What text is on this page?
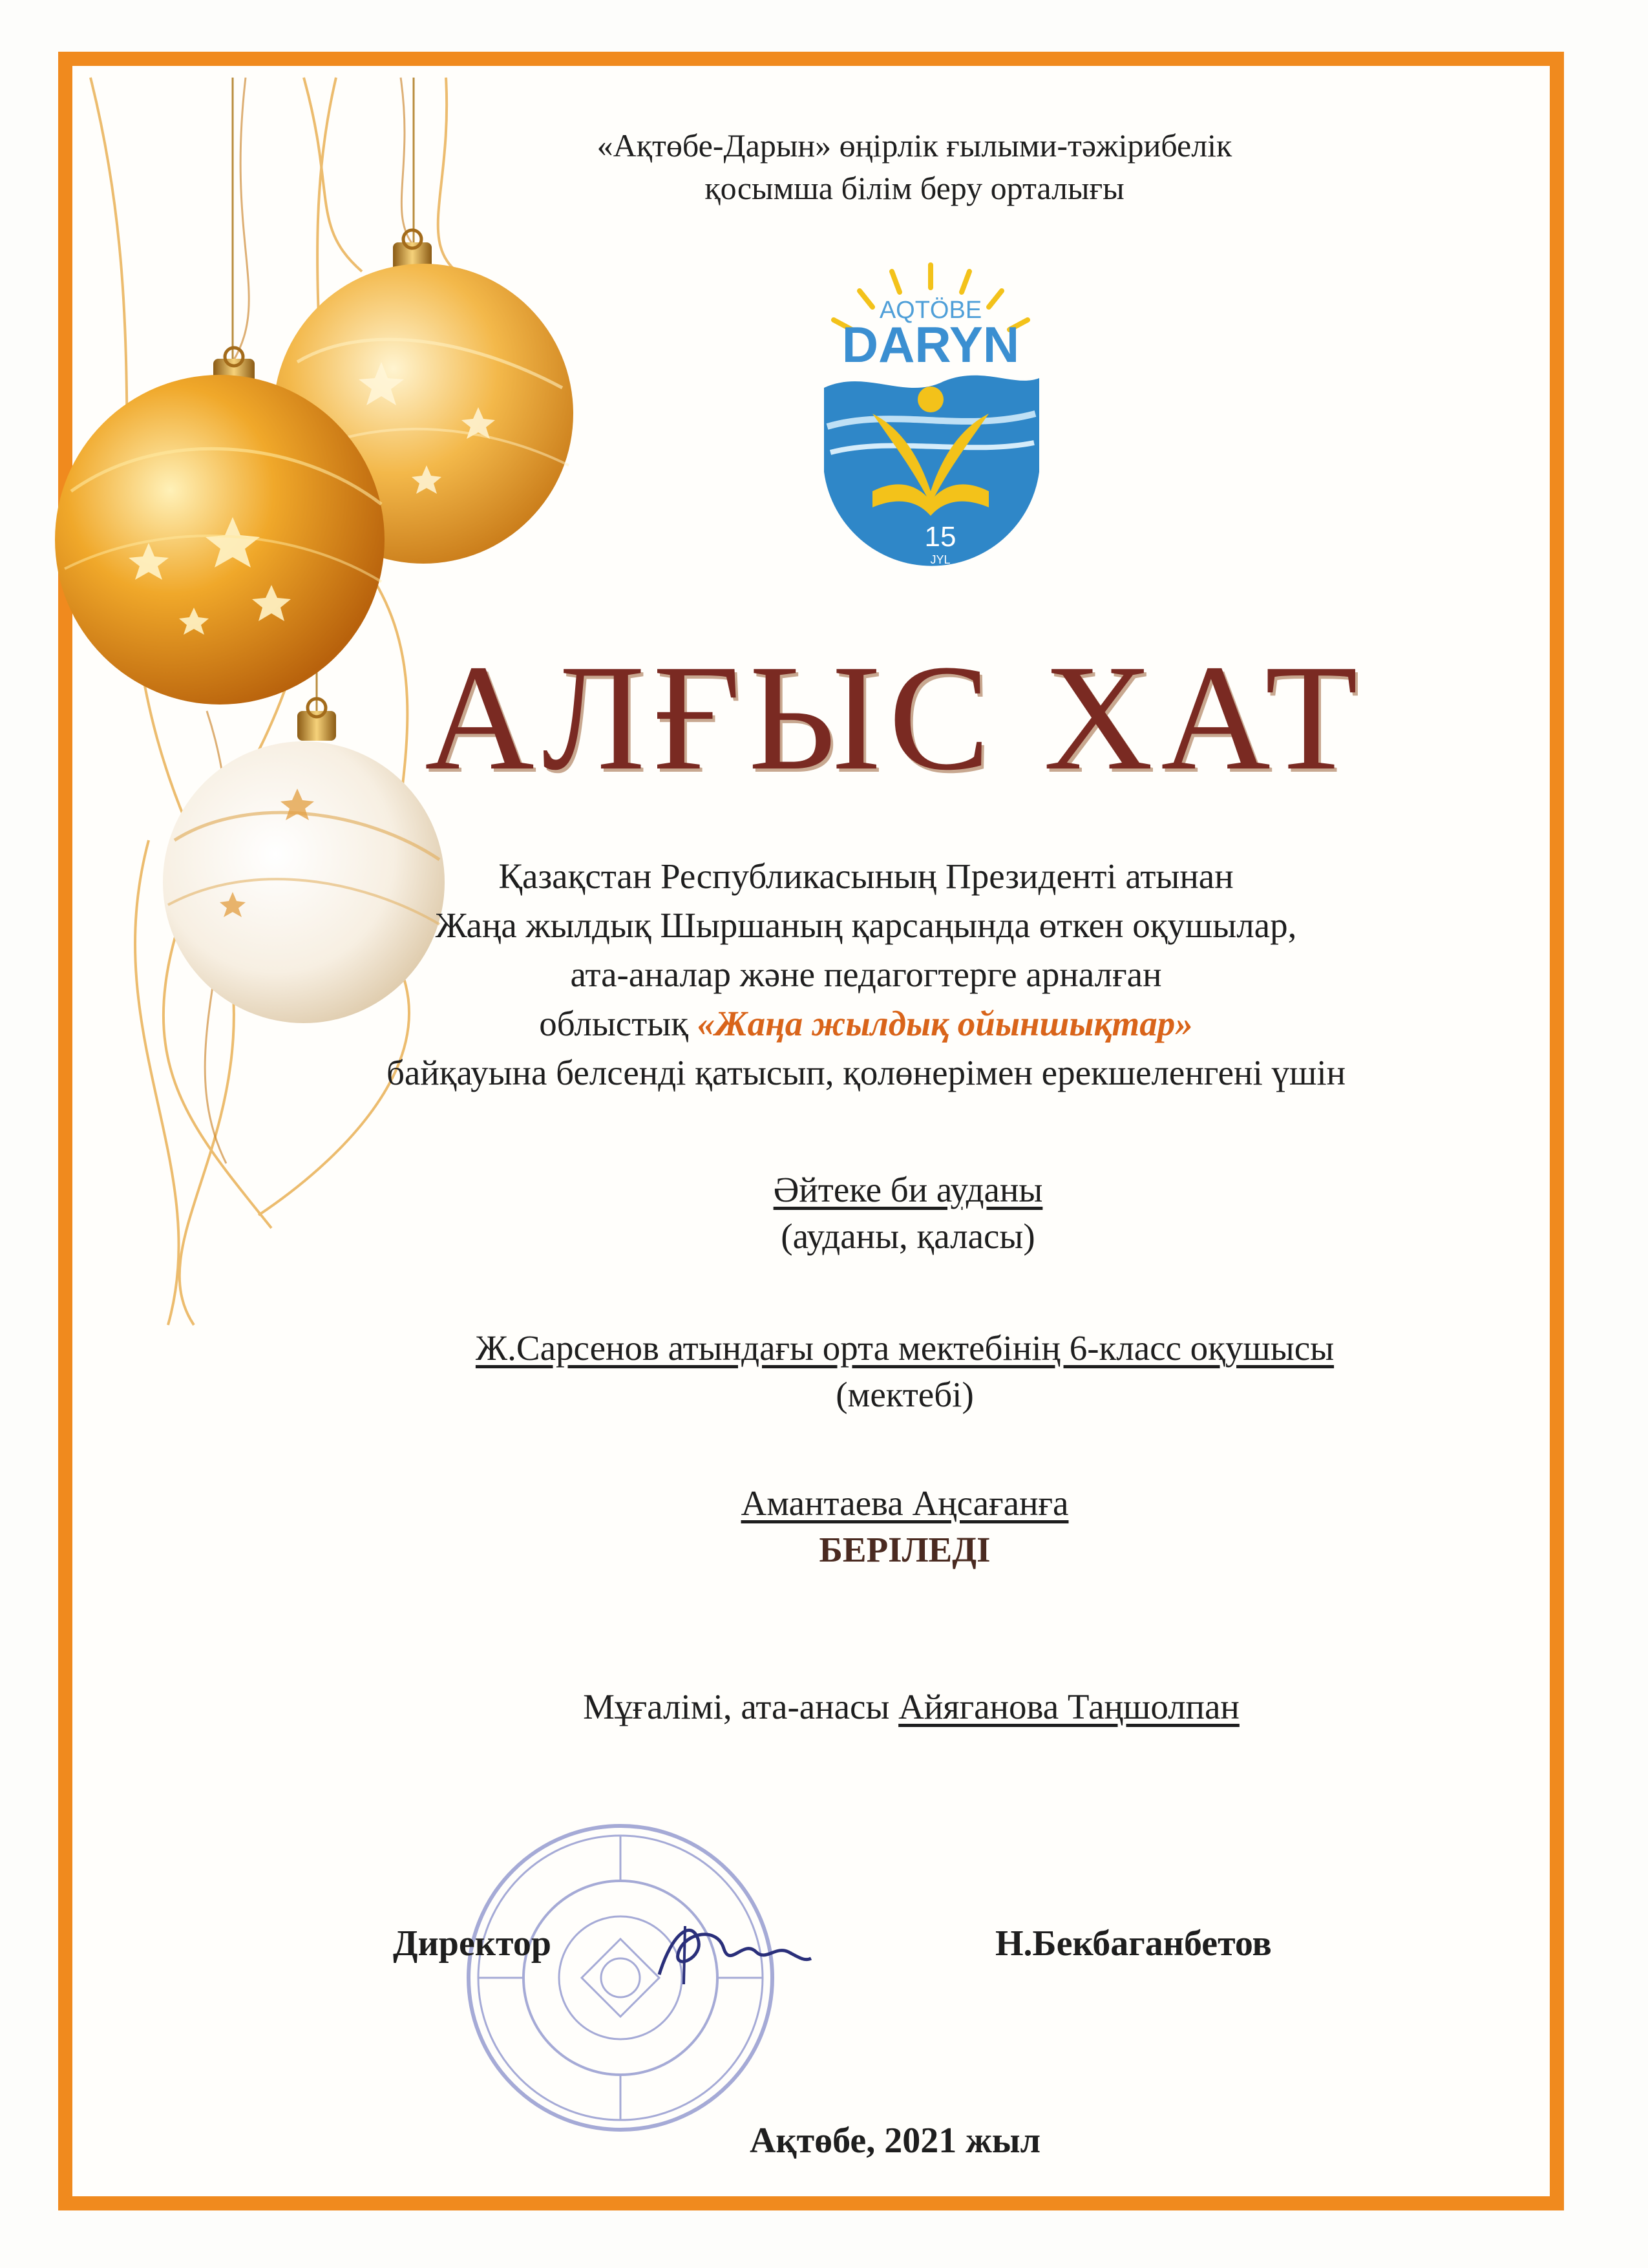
«Ақтөбе-Дарын» өңірлік ғылыми-тәжірибелік
қосымша білім беру орталығы
AQTÖBE
DARYN
15
JYL
АЛҒЫС ХАТ
Қазақстан Республикасының Президенті атынан
Жаңа жылдық Шыршаның қарсаңында өткен оқушылар,
ата-аналар және педагогтерге арналған
облыстық «Жаңа жылдық ойыншықтар»
байқауына белсенді қатысып, қолөнерімен ерекшеленгені үшін
Әйтеке би ауданы
(ауданы, қаласы)
Ж.Сарсенов атындағы орта мектебінің 6-класс оқушысы
(мектебі)
Амантаева Аңсағанға
БЕРІЛЕДІ
Мұғалімі, ата-анасы Айяганова Таңшолпан
Директор	Н.Бекбаганбетов
Ақтөбе, 2021 жыл
